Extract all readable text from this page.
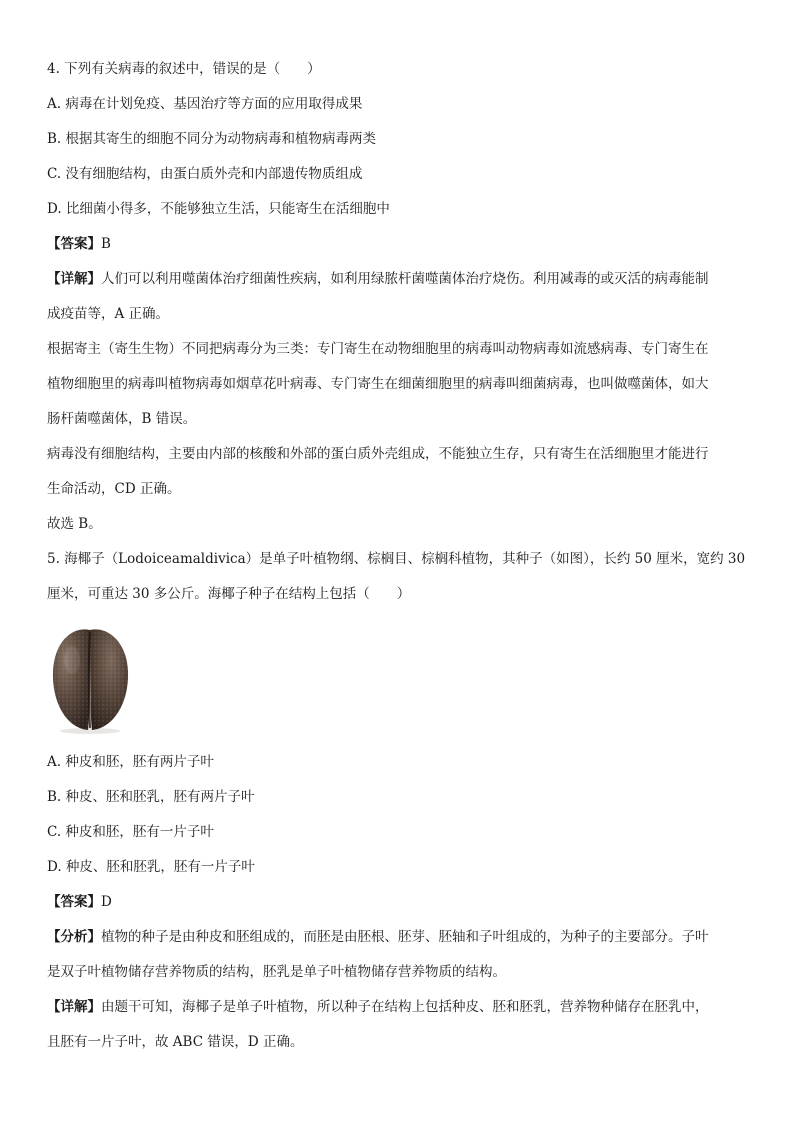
4. 下列有关病毒的叙述中，错误的是（　　）
A. 病毒在计划免疫、基因治疗等方面的应用取得成果
B. 根据其寄生的细胞不同分为动物病毒和植物病毒两类
C. 没有细胞结构，由蛋白质外壳和内部遗传物质组成
D. 比细菌小得多，不能够独立生活，只能寄生在活细胞中
【答案】B
【详解】人们可以利用噬菌体治疗细菌性疾病，如利用绿脓杆菌噬菌体治疗烧伤。利用减毒的或灭活的病毒能制
成疫苗等，A 正确。
根据寄主（寄生生物）不同把病毒分为三类：专门寄生在动物细胞里的病毒叫动物病毒如流感病毒、专门寄生在
植物细胞里的病毒叫植物病毒如烟草花叶病毒、专门寄生在细菌细胞里的病毒叫细菌病毒，也叫做噬菌体，如大
肠杆菌噬菌体，B 错误。
病毒没有细胞结构，主要由内部的核酸和外部的蛋白质外壳组成，不能独立生存，只有寄生在活细胞里才能进行
生命活动，CD 正确。
故选 B。
5. 海椰子（Lodoiceamaldivica）是单子叶植物纲、棕榈目、棕榈科植物，其种子（如图），长约 50 厘米，宽约 30
厘米，可重达 30 多公斤。海椰子种子在结构上包括（　　）
A. 种皮和胚，胚有两片子叶
B. 种皮、胚和胚乳，胚有两片子叶
C. 种皮和胚，胚有一片子叶
D. 种皮、胚和胚乳，胚有一片子叶
【答案】D
【分析】植物的种子是由种皮和胚组成的，而胚是由胚根、胚芽、胚轴和子叶组成的，为种子的主要部分。子叶
是双子叶植物储存营养物质的结构，胚乳是单子叶植物储存营养物质的结构。
【详解】由题干可知，海椰子是单子叶植物，所以种子在结构上包括种皮、胚和胚乳，营养物种储存在胚乳中，
且胚有一片子叶，故 ABC 错误，D 正确。
